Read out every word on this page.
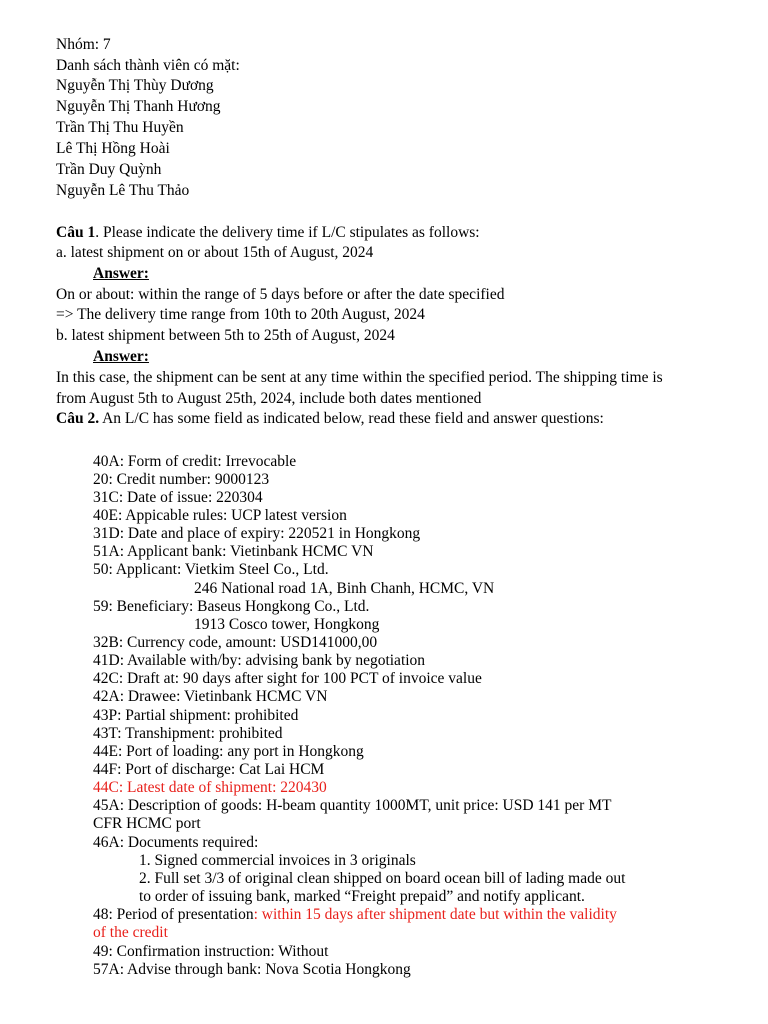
Nhóm: 7
Danh sách thành viên có mặt:
Nguyễn Thị Thùy Dương
Nguyễn Thị Thanh Hương
Trần Thị Thu Huyền
Lê Thị Hồng Hoài
Trần Duy Quỳnh
Nguyễn Lê Thu Thảo
Câu 1. Please indicate the delivery time if L/C stipulates as follows:
a. latest shipment on or about 15th of August, 2024
Answer:
On or about: within the range of 5 days before or after the date specified
=> The delivery time range from 10th to 20th August, 2024
b. latest shipment between 5th to 25th of August, 2024
Answer:
In this case, the shipment can be sent at any time within the specified period. The shipping time is
from August 5th to August 25th, 2024, include both dates mentioned
Câu 2. An L/C has some field as indicated below, read these field and answer questions:
40A: Form of credit: Irrevocable
20: Credit number: 9000123
31C: Date of issue: 220304
40E: Appicable rules: UCP latest version
31D: Date and place of expiry: 220521 in Hongkong
51A: Applicant bank: Vietinbank HCMC VN
50: Applicant: Vietkim Steel Co., Ltd.
246 National road 1A, Binh Chanh, HCMC, VN
59: Beneficiary: Baseus Hongkong Co., Ltd.
1913 Cosco tower, Hongkong
32B: Currency code, amount: USD141000,00
41D: Available with/by: advising bank by negotiation
42C: Draft at: 90 days after sight for 100 PCT of invoice value
42A: Drawee: Vietinbank HCMC VN
43P: Partial shipment: prohibited
43T: Transhipment: prohibited
44E: Port of loading: any port in Hongkong
44F: Port of discharge: Cat Lai HCM
44C: Latest date of shipment: 220430
45A: Description of goods: H-beam quantity 1000MT, unit price: USD 141 per MT
CFR HCMC port
46A: Documents required:
1. Signed commercial invoices in 3 originals
2. Full set 3/3 of original clean shipped on board ocean bill of lading made out
to order of issuing bank, marked “Freight prepaid” and notify applicant.
48: Period of presentation: within 15 days after shipment date but within the validity
of the credit
49: Confirmation instruction: Without
57A: Advise through bank: Nova Scotia Hongkong
